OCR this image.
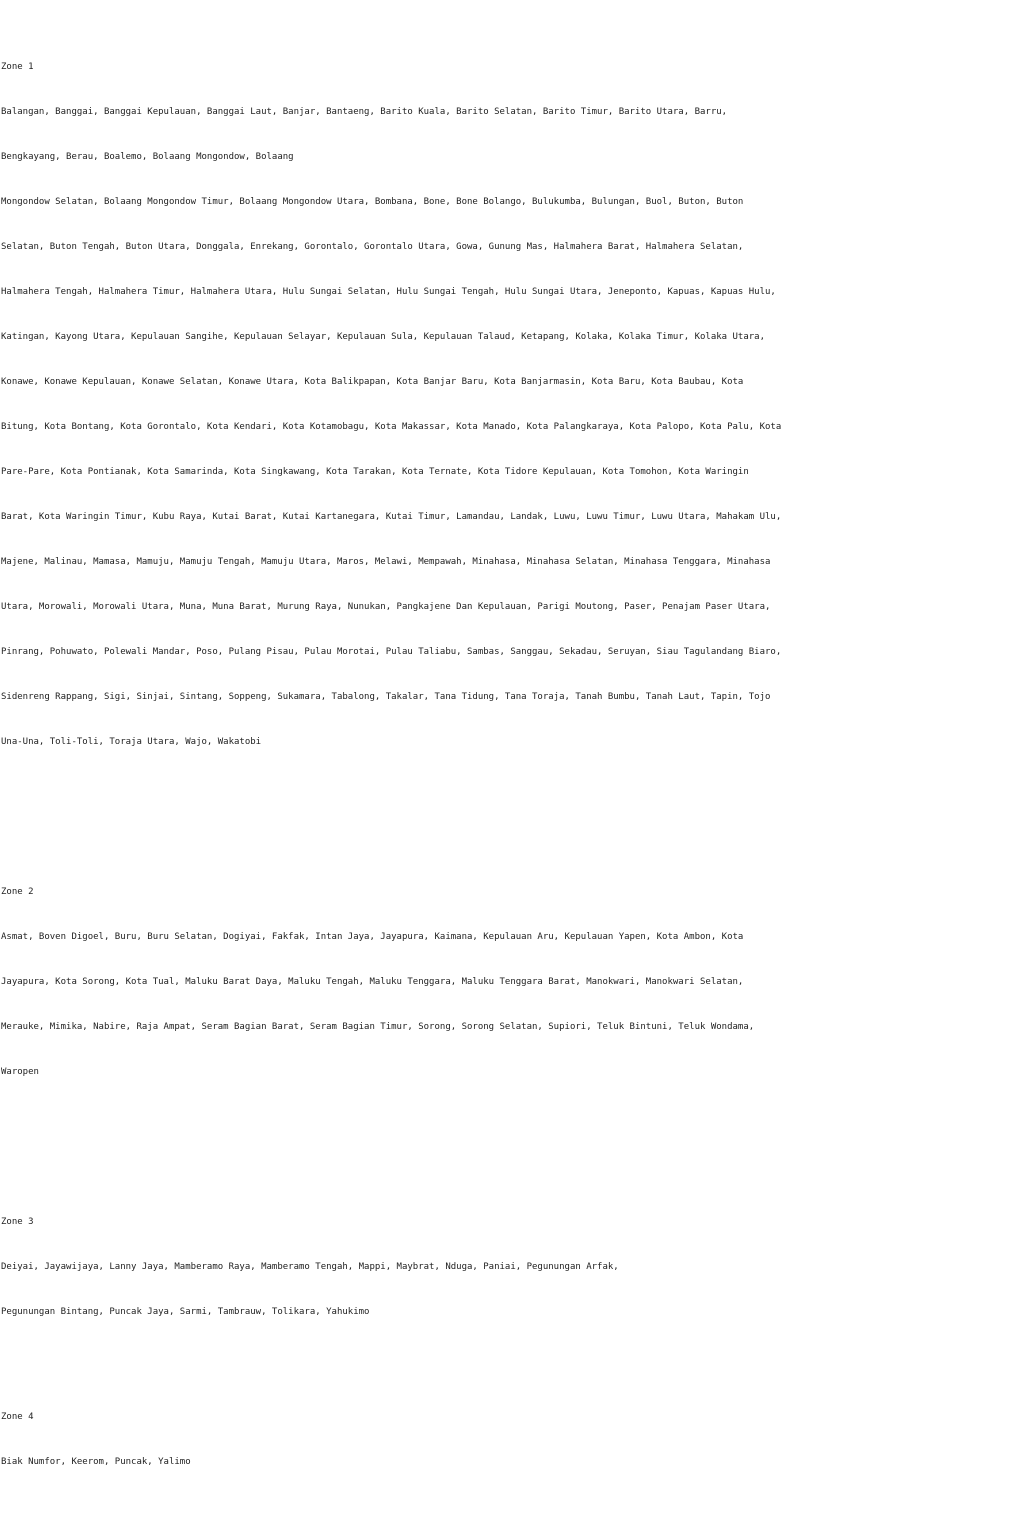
Zone 1

Balangan, Banggai, Banggai Kepulauan, Banggai Laut, Banjar, Bantaeng, Barito Kuala, Barito Selatan, Barito Timur, Barito Utara, Barru,

Bengkayang, Berau, Boalemo, Bolaang Mongondow, Bolaang

Mongondow Selatan, Bolaang Mongondow Timur, Bolaang Mongondow Utara, Bombana, Bone, Bone Bolango, Bulukumba, Bulungan, Buol, Buton, Buton

Selatan, Buton Tengah, Buton Utara, Donggala, Enrekang, Gorontalo, Gorontalo Utara, Gowa, Gunung Mas, Halmahera Barat, Halmahera Selatan,

Halmahera Tengah, Halmahera Timur, Halmahera Utara, Hulu Sungai Selatan, Hulu Sungai Tengah, Hulu Sungai Utara, Jeneponto, Kapuas, Kapuas Hulu,

Katingan, Kayong Utara, Kepulauan Sangihe, Kepulauan Selayar, Kepulauan Sula, Kepulauan Talaud, Ketapang, Kolaka, Kolaka Timur, Kolaka Utara,

Konawe, Konawe Kepulauan, Konawe Selatan, Konawe Utara, Kota Balikpapan, Kota Banjar Baru, Kota Banjarmasin, Kota Baru, Kota Baubau, Kota

Bitung, Kota Bontang, Kota Gorontalo, Kota Kendari, Kota Kotamobagu, Kota Makassar, Kota Manado, Kota Palangkaraya, Kota Palopo, Kota Palu, Kota

Pare-Pare, Kota Pontianak, Kota Samarinda, Kota Singkawang, Kota Tarakan, Kota Ternate, Kota Tidore Kepulauan, Kota Tomohon, Kota Waringin

Barat, Kota Waringin Timur, Kubu Raya, Kutai Barat, Kutai Kartanegara, Kutai Timur, Lamandau, Landak, Luwu, Luwu Timur, Luwu Utara, Mahakam Ulu,

Majene, Malinau, Mamasa, Mamuju, Mamuju Tengah, Mamuju Utara, Maros, Melawi, Mempawah, Minahasa, Minahasa Selatan, Minahasa Tenggara, Minahasa

Utara, Morowali, Morowali Utara, Muna, Muna Barat, Murung Raya, Nunukan, Pangkajene Dan Kepulauan, Parigi Moutong, Paser, Penajam Paser Utara,

Pinrang, Pohuwato, Polewali Mandar, Poso, Pulang Pisau, Pulau Morotai, Pulau Taliabu, Sambas, Sanggau, Sekadau, Seruyan, Siau Tagulandang Biaro,

Sidenreng Rappang, Sigi, Sinjai, Sintang, Soppeng, Sukamara, Tabalong, Takalar, Tana Tidung, Tana Toraja, Tanah Bumbu, Tanah Laut, Tapin, Tojo

Una-Una, Toli-Toli, Toraja Utara, Wajo, Wakatobi

Zone 2

Asmat, Boven Digoel, Buru, Buru Selatan, Dogiyai, Fakfak, Intan Jaya, Jayapura, Kaimana, Kepulauan Aru, Kepulauan Yapen, Kota Ambon, Kota

Jayapura, Kota Sorong, Kota Tual, Maluku Barat Daya, Maluku Tengah, Maluku Tenggara, Maluku Tenggara Barat, Manokwari, Manokwari Selatan,

Merauke, Mimika, Nabire, Raja Ampat, Seram Bagian Barat, Seram Bagian Timur, Sorong, Sorong Selatan, Supiori, Teluk Bintuni, Teluk Wondama,

Waropen

Zone 3

Deiyai, Jayawijaya, Lanny Jaya, Mamberamo Raya, Mamberamo Tengah, Mappi, Maybrat, Nduga, Paniai, Pegunungan Arfak,

Pegunungan Bintang, Puncak Jaya, Sarmi, Tambrauw, Tolikara, Yahukimo

Zone 4

Biak Numfor, Keerom, Puncak, Yalimo
